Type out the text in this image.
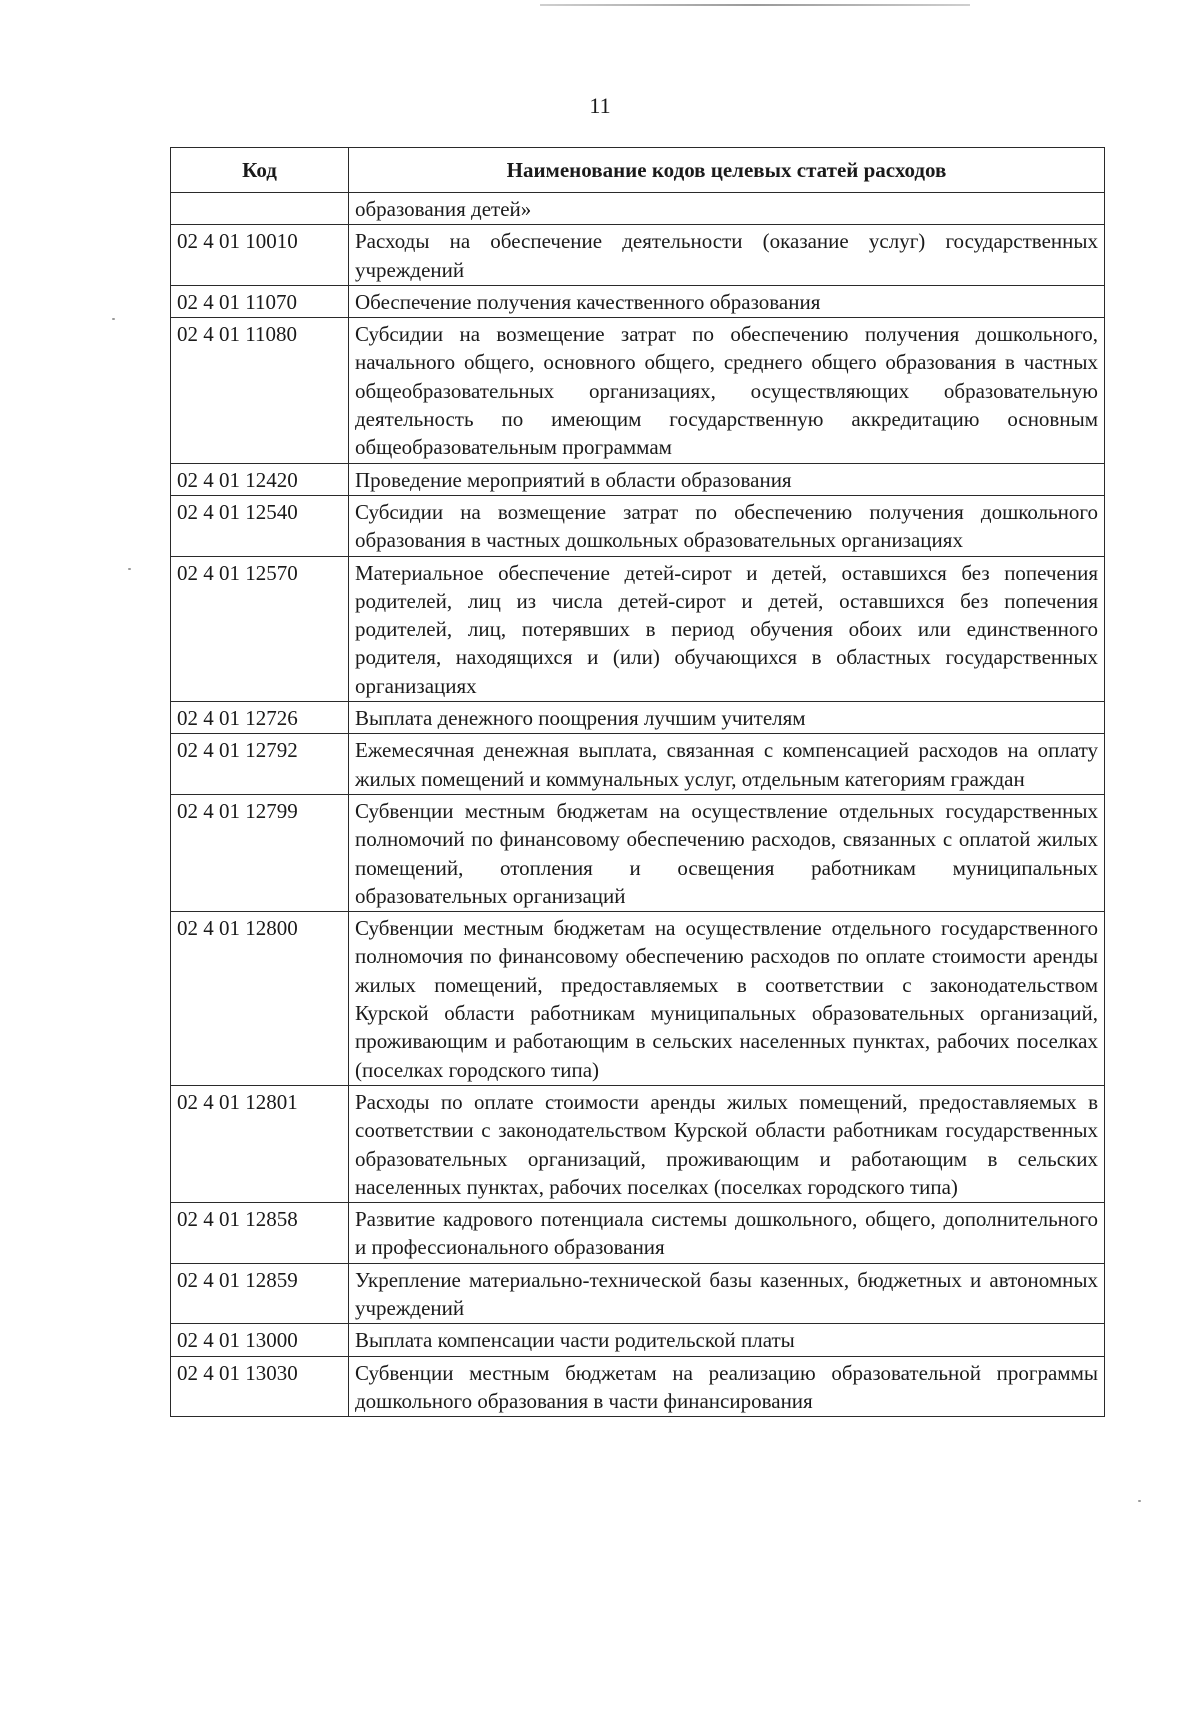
11
Код	Наименование кодов целевых статей расходов
	образования детей»
02 4 01 10010	Расходы на обеспечение деятельности (оказание услуг) государственных учреждений
02 4 01 11070	Обеспечение получения качественного образования
02 4 01 11080	Субсидии на возмещение затрат по обеспечению получения дошкольного, начального общего, основного общего, среднего общего образования в частных общеобразовательных организациях, осуществляющих образовательную деятельность по имеющим государственную аккредитацию основным общеобразовательным программам
02 4 01 12420	Проведение мероприятий в области образования
02 4 01 12540	Субсидии на возмещение затрат по обеспечению получения дошкольного образования в частных дошкольных образовательных организациях
02 4 01 12570	Материальное обеспечение детей-сирот и детей, оставшихся без попечения родителей, лиц из числа детей-сирот и детей, оставшихся без попечения родителей, лиц, потерявших в период обучения обоих или единственного родителя, находящихся и (или) обучающихся в областных государственных организациях
02 4 01 12726	Выплата денежного поощрения лучшим учителям
02 4 01 12792	Ежемесячная денежная выплата, связанная с компенсацией расходов на оплату жилых помещений и коммунальных услуг, отдельным категориям граждан
02 4 01 12799	Субвенции местным бюджетам на осуществление отдельных государственных полномочий по финансовому обеспечению расходов, связанных с оплатой жилых помещений, отопления и освещения работникам муниципальных образовательных организаций
02 4 01 12800	Субвенции местным бюджетам на осуществление отдельного государственного полномочия по финансовому обеспечению расходов по оплате стоимости аренды жилых помещений, предоставляемых в соответствии с законодательством Курской области работникам муниципальных образовательных организаций, проживающим и работающим в сельских населенных пунктах, рабочих поселках (поселках городского типа)
02 4 01 12801	Расходы по оплате стоимости аренды жилых помещений, предоставляемых в соответствии с законодательством Курской области работникам государственных образовательных организаций, проживающим и работающим в сельских населенных пунктах, рабочих поселках (поселках городского типа)
02 4 01 12858	Развитие кадрового потенциала системы дошкольного, общего, дополнительного и профессионального образования
02 4 01 12859	Укрепление материально-технической базы казенных, бюджетных и автономных учреждений
02 4 01 13000	Выплата компенсации части родительской платы
02 4 01 13030	Субвенции местным бюджетам на реализацию образовательной программы дошкольного образования в части финансирования
